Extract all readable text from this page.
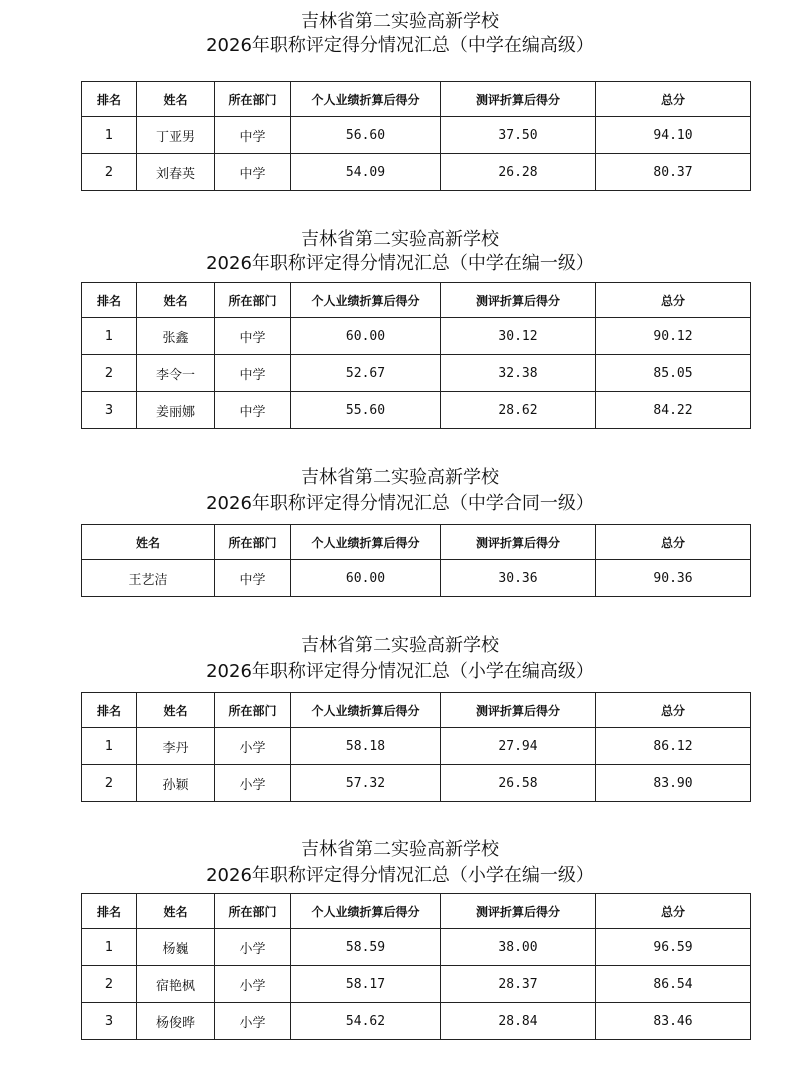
吉林省第二实验高新学校

2026年职称评定得分情况汇总（中学在编高级）

排名	姓名	所在部门	个人业绩折算后得分	测评折算后得分	总分
1	丁亚男	中学	56.60	37.50	94.10
2	刘春英	中学	54.09	26.28	80.37

吉林省第二实验高新学校

2026年职称评定得分情况汇总（中学在编一级）

排名	姓名	所在部门	个人业绩折算后得分	测评折算后得分	总分
1	张鑫	中学	60.00	30.12	90.12
2	李令一	中学	52.67	32.38	85.05
3	姜丽娜	中学	55.60	28.62	84.22

吉林省第二实验高新学校

2026年职称评定得分情况汇总（中学合同一级）

姓名	所在部门	个人业绩折算后得分	测评折算后得分	总分
王艺洁	中学	60.00	30.36	90.36

吉林省第二实验高新学校

2026年职称评定得分情况汇总（小学在编高级）

排名	姓名	所在部门	个人业绩折算后得分	测评折算后得分	总分
1	李丹	小学	58.18	27.94	86.12
2	孙颖	小学	57.32	26.58	83.90

吉林省第二实验高新学校

2026年职称评定得分情况汇总（小学在编一级）

排名	姓名	所在部门	个人业绩折算后得分	测评折算后得分	总分
1	杨巍	小学	58.59	38.00	96.59
2	宿艳枫	小学	58.17	28.37	86.54
3	杨俊晔	小学	54.62	28.84	83.46
